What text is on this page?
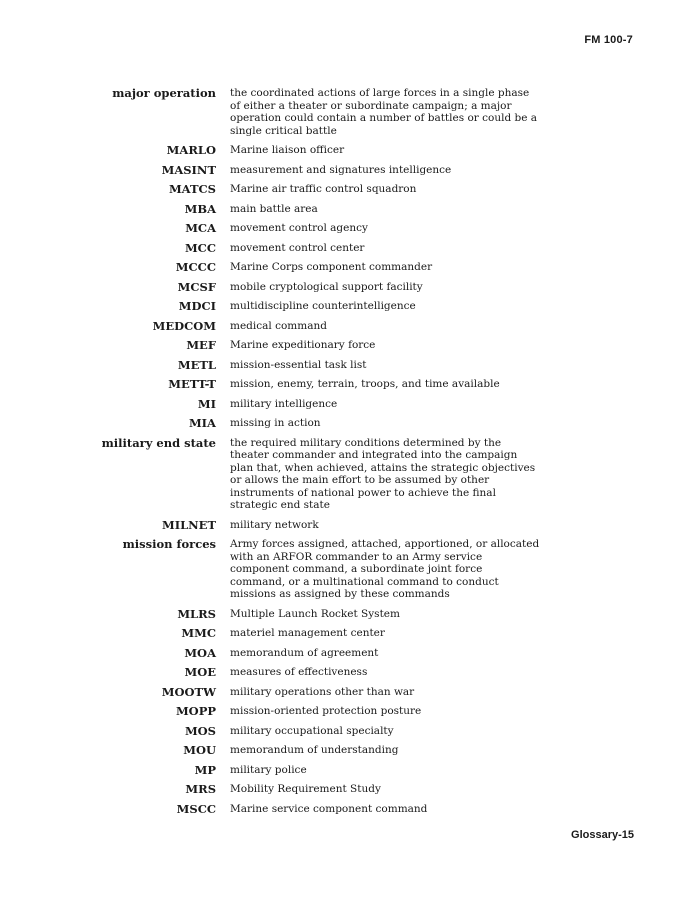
FM 100-7
major operation	the coordinated actions of large forces in a single phase of either a theater or subordinate campaign; a major operation could contain a number of battles or could be a single critical battle
MARLO	Marine liaison officer
MASINT	measurement and signatures intelligence
MATCS	Marine air traffic control squadron
MBA	main battle area
MCA	movement control agency
MCC	movement control center
MCCC	Marine Corps component commander
MCSF	mobile cryptological support facility
MDCI	multidiscipline counterintelligence
MEDCOM	medical command
MEF	Marine expeditionary force
METL	mission-essential task list
METT-T	mission, enemy, terrain, troops, and time available
MI	military intelligence
MIA	missing in action
military end state	the required military conditions determined by the theater commander and integrated into the campaign plan that, when achieved, attains the strategic objectives or allows the main effort to be assumed by other instruments of national power to achieve the final strategic end state
MILNET	military network
mission forces	Army forces assigned, attached, apportioned, or allocated with an ARFOR commander to an Army service component command, a subordinate joint force command, or a multinational command to conduct missions as assigned by these commands
MLRS	Multiple Launch Rocket System
MMC	materiel management center
MOA	memorandum of agreement
MOE	measures of effectiveness
MOOTW	military operations other than war
MOPP	mission-oriented protection posture
MOS	military occupational specialty
MOU	memorandum of understanding
MP	military police
MRS	Mobility Requirement Study
MSCC	Marine service component command
Glossary-15
